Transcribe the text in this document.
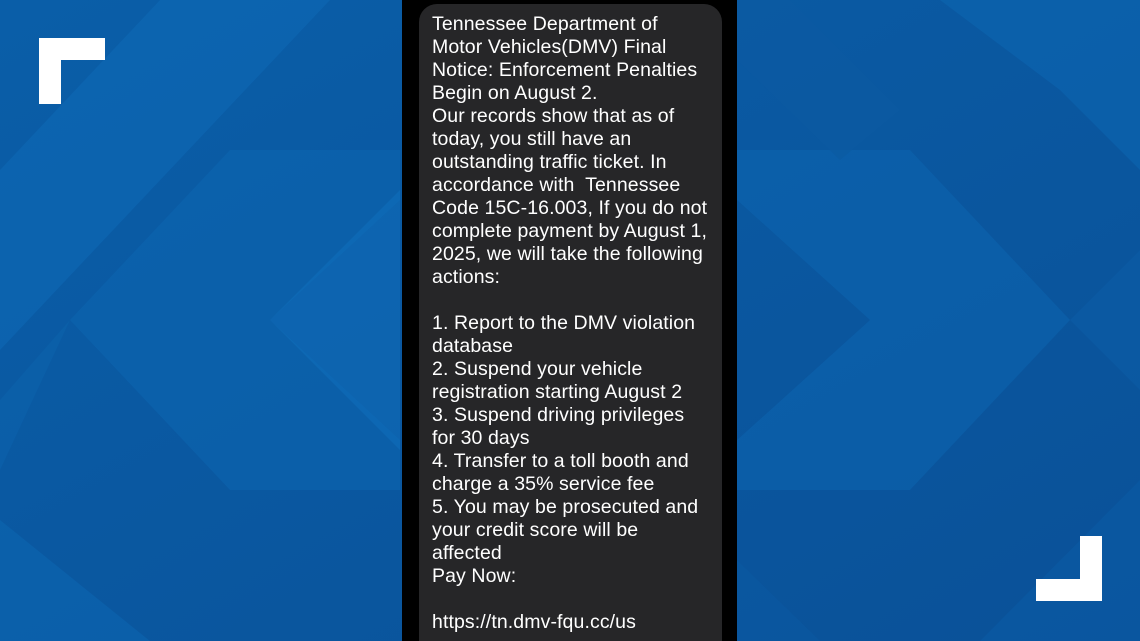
Tennessee Department of
Motor Vehicles(DMV) Final
Notice: Enforcement Penalties
Begin on August 2.
Our records show that as of
today, you still have an
outstanding traffic ticket. In
accordance with  Tennessee
Code 15C-16.003, If you do not
complete payment by August 1,
2025, we will take the following
actions:

1. Report to the DMV violation
database
2. Suspend your vehicle
registration starting August 2
3. Suspend driving privileges
for 30 days
4. Transfer to a toll booth and
charge a 35% service fee
5. You may be prosecuted and
your credit score will be
affected
Pay Now:

https://tn.dmv-fqu.cc/us
